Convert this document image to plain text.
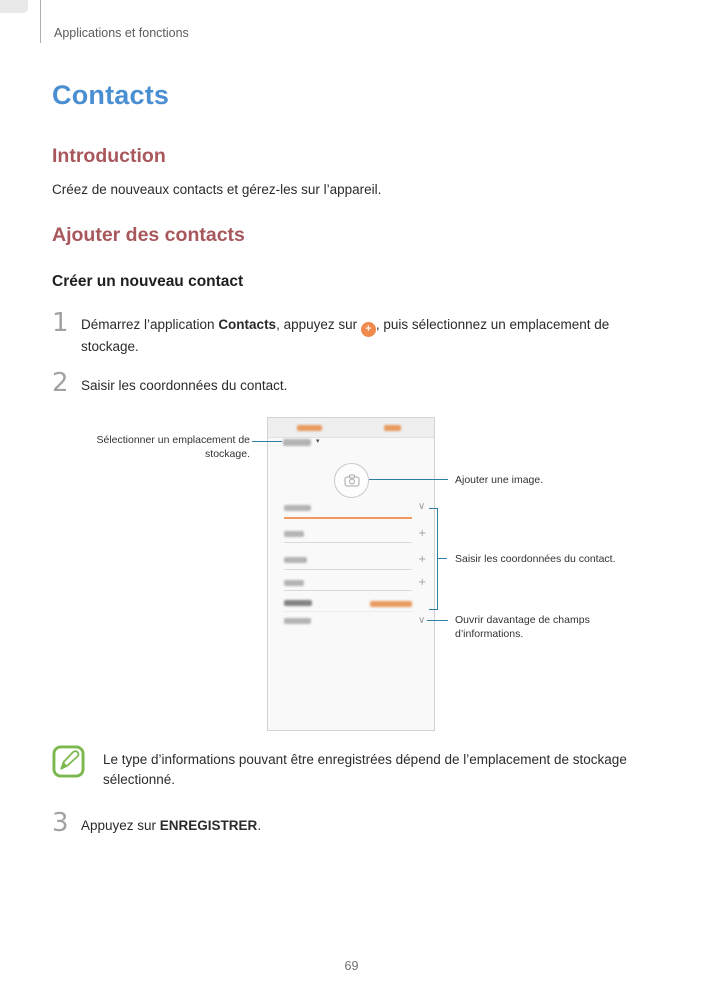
Applications et fonctions
Contacts
Introduction
Créez de nouveaux contacts et gérez-les sur l’appareil.
Ajouter des contacts
Créer un nouveau contact
1 Démarrez l’application Contacts, appuyez sur + , puis sélectionnez un emplacement de stockage.
2 Saisir les coordonnées du contact.
▾
∨
+
+
+
∨
Sélectionner un emplacement de stockage.
Ajouter une image.
Saisir les coordonnées du contact.
Ouvrir davantage de champs d’informations.
Le type d’informations pouvant être enregistrées dépend de l’emplacement de stockage sélectionné.
3 Appuyez sur ENREGISTRER.
69
